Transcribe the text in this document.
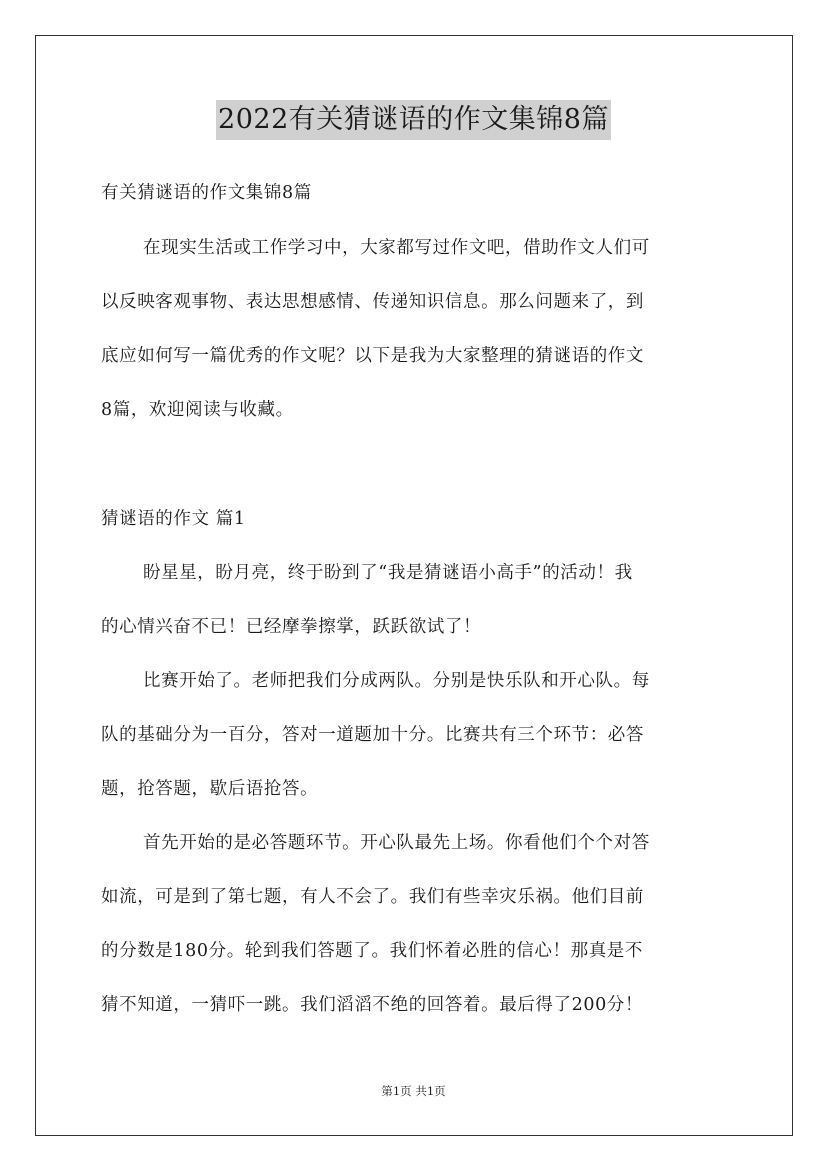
2022有关猜谜语的作文集锦8篇
有关猜谜语的作文集锦8篇
在现实生活或工作学习中，大家都写过作文吧，借助作文人们可
以反映客观事物、表达思想感情、传递知识信息。那么问题来了，到
底应如何写一篇优秀的作文呢？以下是我为大家整理的猜谜语的作文
8篇，欢迎阅读与收藏。
猜谜语的作文 篇1
盼星星，盼月亮，终于盼到了“我是猜谜语小高手”的活动！我
的心情兴奋不已！已经摩拳擦掌，跃跃欲试了！
比赛开始了。老师把我们分成两队。分别是快乐队和开心队。每
队的基础分为一百分，答对一道题加十分。比赛共有三个环节：必答
题，抢答题，歇后语抢答。
首先开始的是必答题环节。开心队最先上场。你看他们个个对答
如流，可是到了第七题，有人不会了。我们有些幸灾乐祸。他们目前
的分数是180分。轮到我们答题了。我们怀着必胜的信心！那真是不
猜不知道，一猜吓一跳。我们滔滔不绝的回答着。最后得了200分！
第1页 共1页
